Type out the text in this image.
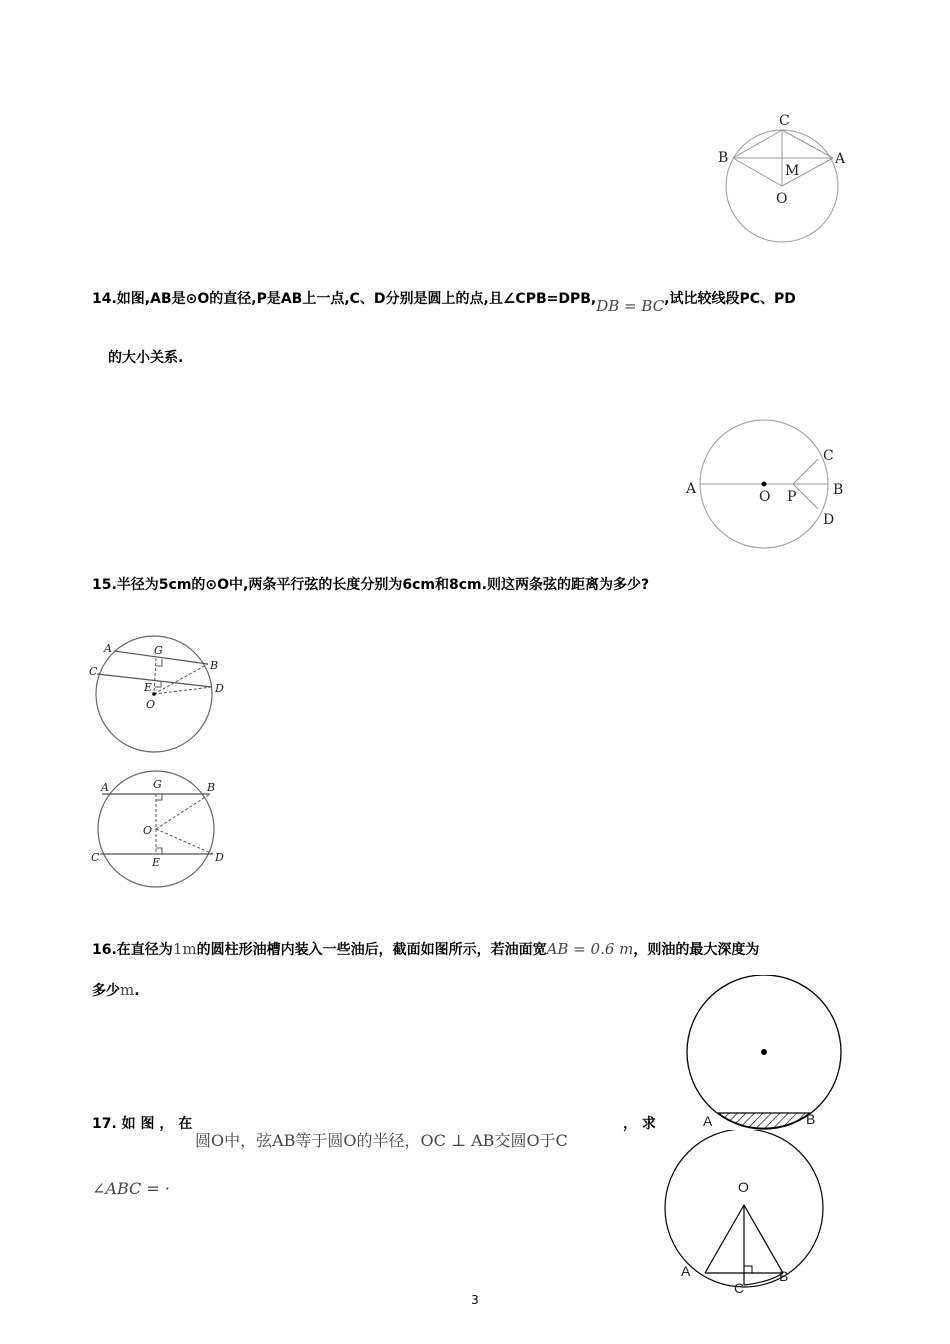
C
B	A
M
O
14.如图,AB是⊙O的直径,P是AB上一点,C、D分别是圆上的点,且∠CPB=DPB,DB = BC,试比较线段PC、PD
的大小关系.
A	O P	B
C
D
15.半径为5cm的⊙O中,两条平行弦的长度分别为6cm和8cm.则这两条弦的距离为多少?
A	G
B
C
E	D
O
A	G	B
O
C	E	D
16.在直径为1m的圆柱形油槽内装入一些油后，截面如图所示，若油面宽AB = 0.6 m，则油的最大深度为
多少m.
A	B
17. 如 图 ， 在
圆O中，弦AB等于圆O的半径，OC ⊥ AB交圆O于C
， 求
∠ABC = ·	O
A	B
C
3
